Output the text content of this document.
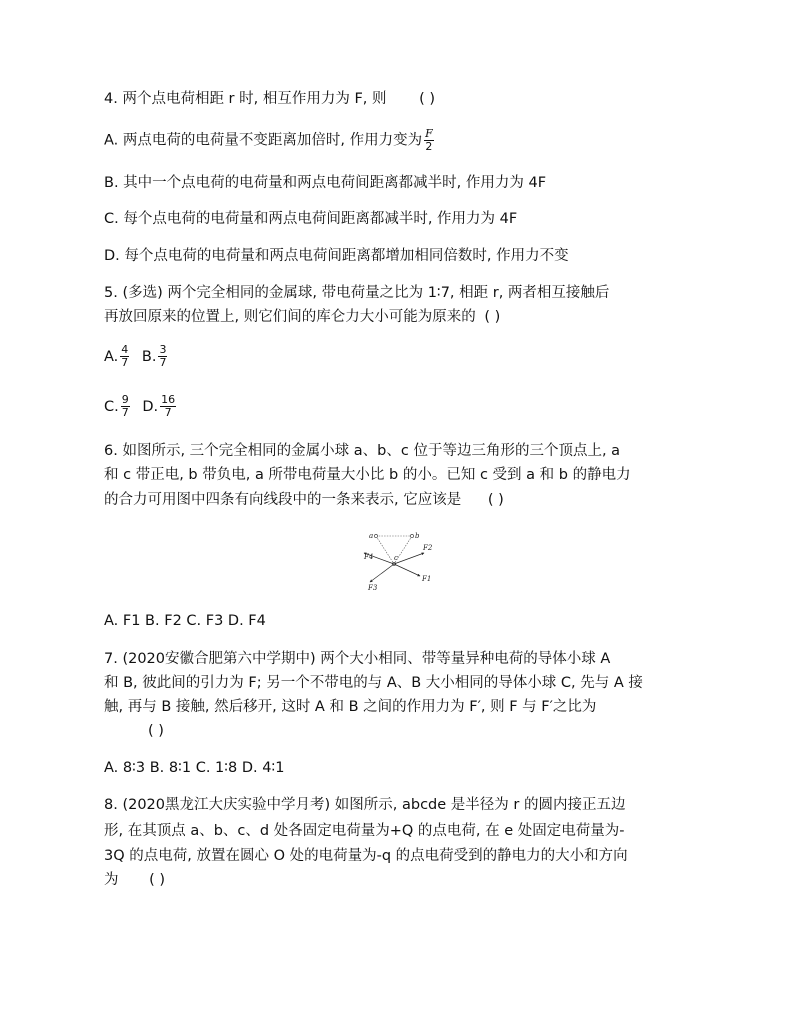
4. 两个点电荷相距 r 时, 相互作用力为 F, 则 ( )
A. 两点电荷的电荷量不变距离加倍时, 作用力变为 $\frac{F}{2}$
B. 其中一个点电荷的电荷量和两点电荷间距离都减半时, 作用力为 4F
C. 每个点电荷的电荷量和两点电荷间距离都减半时, 作用力为 4F
D. 每个点电荷的电荷量和两点电荷间距离都增加相同倍数时, 作用力不变
5. (多选) 两个完全相同的金属球, 带电荷量之比为 1∶7, 相距 r, 两者相互接触后
再放回原来的位置上, 则它们间的库仑力大小可能为原来的 ( )
A. $\frac{4}{7} B$. $\frac{3}{7}$
C. $\frac{9}{7} D$. $\frac{16}{7}$
6. 如图所示, 三个完全相同的金属小球 a、b、c 位于等边三角形的三个顶点上, a
和 c 带正电, b 带负电, a 所带电荷量大小比 b 的小。已知 c 受到 a 和 b 的静电力
的合力可用图中四条有向线段中的一条来表示, 它应该是 ( )
a	b
c
F4
F2
F1
F3
A. F1 B. F2 C. F3 D. F4
7. (2020安徽合肥第六中学期中) 两个大小相同、带等量异种电荷的导体小球 A
和 B, 彼此间的引力为 F; 另一个不带电的与 A、B 大小相同的导体小球 C, 先与 A 接
触, 再与 B 接触, 然后移开, 这时 A 和 B 之间的作用力为 F′, 则 F 与 F′之比为
( )
A. 8∶3 B. 8∶1 C. 1∶8 D. 4∶1
8. (2020黑龙江大庆实验中学月考) 如图所示, abcde 是半径为 r 的圆内接正五边
形, 在其顶点 a、b、c、d 处各固定电荷量为+Q 的点电荷, 在 e 处固定电荷量为-
3Q 的点电荷, 放置在圆心 O 处的电荷量为-q 的点电荷受到的静电力的大小和方向
为 ( )
